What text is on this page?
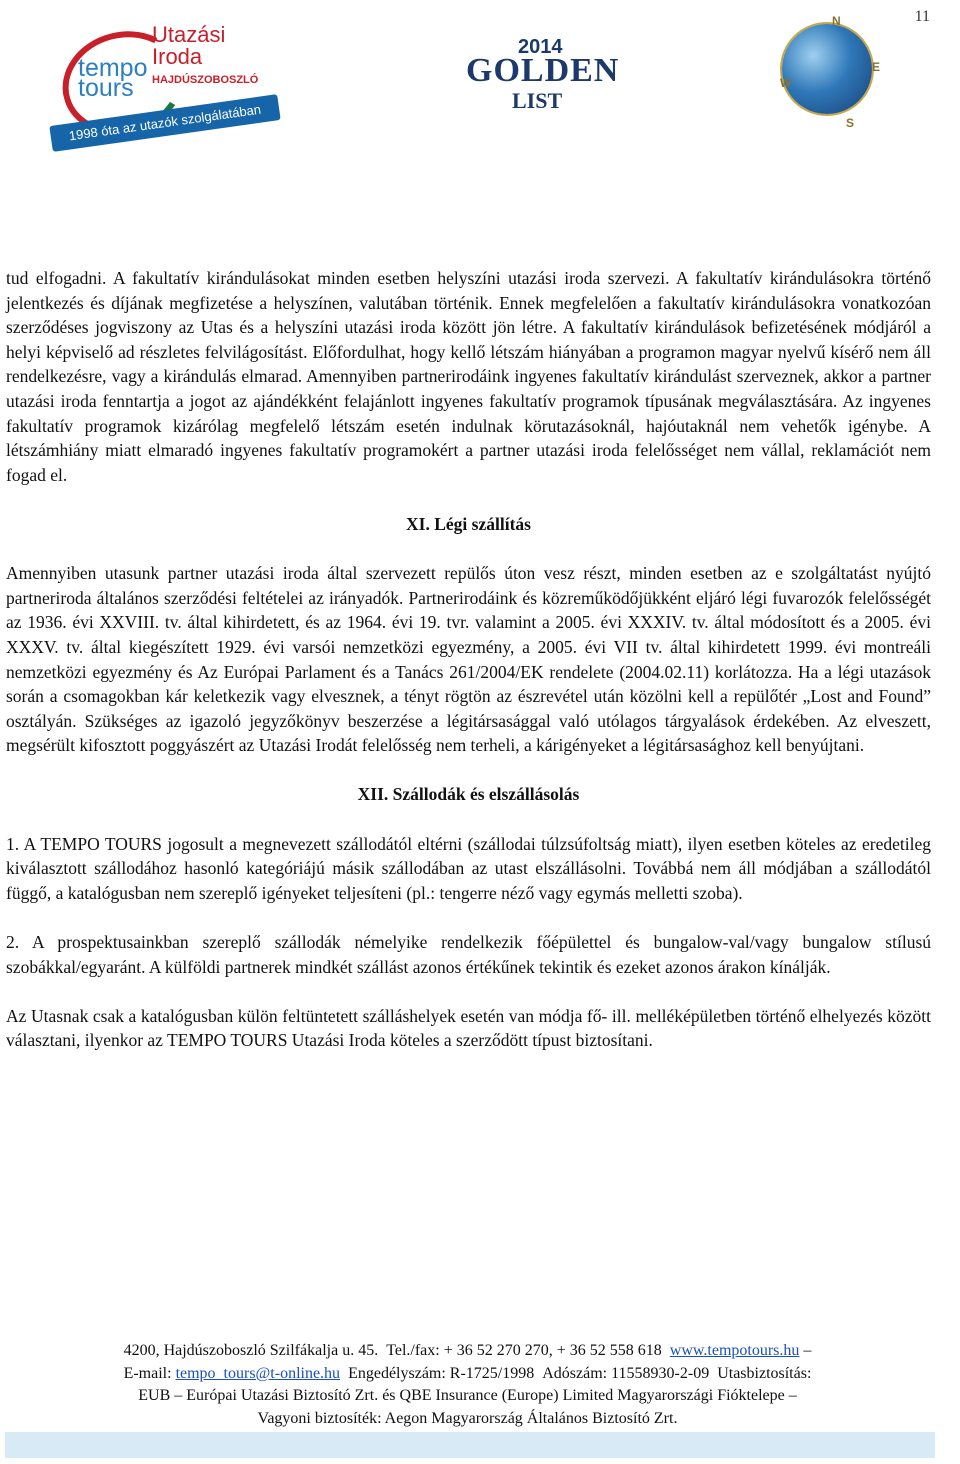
11
tempo
tours
Utazási
Iroda
HAJDÚSZOBOSZLÓ
1998 óta az utazók szolgálatában
2014
GOLDEN
LIST
N
W
E
S

tud elfogadni. A fakultatív kirándulásokat minden esetben helyszíni utazási iroda szervezi. A fakultatív kirándulásokra történő jelentkezés és díjának megfizetése a helyszínen, valutában történik. Ennek megfelelően a fakultatív kirándulásokra vonatkozóan szerződéses jogviszony az Utas és a helyszíni utazási iroda között jön létre. A fakultatív kirándulások befizetésének módjáról a helyi képviselő ad részletes felvilágosítást. Előfordulhat, hogy kellő létszám hiányában a programon magyar nyelvű kísérő nem áll rendelkezésre, vagy a kirándulás elmarad. Amennyiben partnerirodáink ingyenes fakultatív kirándulást szerveznek, akkor a partner utazási iroda fenntartja a jogot az ajándékként felajánlott ingyenes fakultatív programok típusának megválasztására. Az ingyenes fakultatív programok kizárólag megfelelő létszám esetén indulnak körutazásoknál, hajóutaknál nem vehetők igénybe. A létszámhiány miatt elmaradó ingyenes fakultatív programokért a partner utazási iroda felelősséget nem vállal, reklamációt nem fogad el.

XI. Légi szállítás

Amennyiben utasunk partner utazási iroda által szervezett repülős úton vesz részt, minden esetben az e szolgáltatást nyújtó partneriroda általános szerződési feltételei az irányadók. Partnerirodáink és közreműködőjükként eljáró légi fuvarozók felelősségét az 1936. évi XXVIII. tv. által kihirdetett, és az 1964. évi 19. tvr. valamint a 2005. évi XXXIV. tv. által módosított és a 2005. évi XXXV. tv. által kiegészített 1929. évi varsói nemzetközi egyezmény, a 2005. évi VII tv. által kihirdetett 1999. évi montreáli nemzetközi egyezmény és Az Európai Parlament és a Tanács 261/2004/EK rendelete (2004.02.11) korlátozza. Ha a légi utazások során a csomagokban kár keletkezik vagy elvesznek, a tényt rögtön az észrevétel után közölni kell a repülőtér „Lost and Found” osztályán. Szükséges az igazoló jegyzőkönyv beszerzése a légitársasággal való utólagos tárgyalások érdekében. Az elveszett, megsérült kifosztott poggyászért az Utazási Irodát felelősség nem terheli, a kárigényeket a légitársasághoz kell benyújtani.

XII. Szállodák és elszállásolás

1. A TEMPO TOURS jogosult a megnevezett szállodától eltérni (szállodai túlzsúfoltság miatt), ilyen esetben köteles az eredetileg kiválasztott szállodához hasonló kategóriájú másik szállodában az utast elszállásolni. Továbbá nem áll módjában a szállodától függő, a katalógusban nem szereplő igényeket teljesíteni (pl.: tengerre néző vagy egymás melletti szoba).

2. A prospektusainkban szereplő szállodák némelyike rendelkezik főépülettel és bungalow-val/vagy bungalow stílusú szobákkal/egyaránt. A külföldi partnerek mindkét szállást azonos értékűnek tekintik és ezeket azonos árakon kínálják.

Az Utasnak csak a katalógusban külön feltüntetett szálláshelyek esetén van módja fő- ill. melléképületben történő elhelyezés között választani, ilyenkor az TEMPO TOURS Utazási Iroda köteles a szerződött típust biztosítani.

4200, Hajdúszoboszló Szilfákalja u. 45. Tel./fax: + 36 52 270 270, + 36 52 558 618 www.tempotours.hu –
E-mail: tempo_tours@t-online.hu Engedélyszám: R-1725/1998 Adószám: 11558930-2-09 Utasbiztosítás:
EUB – Európai Utazási Biztosító Zrt. és QBE Insurance (Europe) Limited Magyarországi Fióktelepe –
Vagyoni biztosíték: Aegon Magyarország Általános Biztosító Zrt.
